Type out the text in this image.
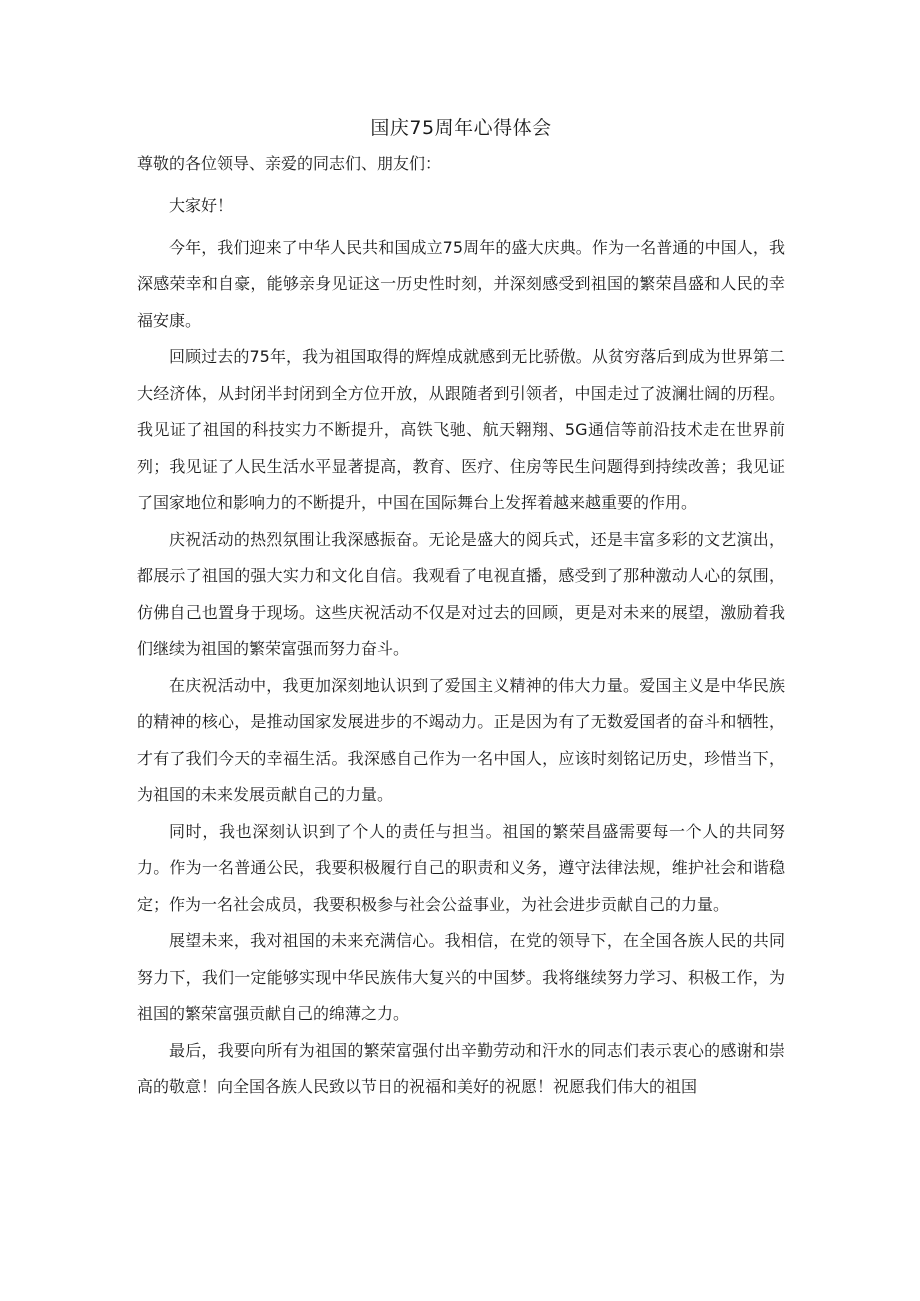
国庆75周年心得体会

尊敬的各位领导、亲爱的同志们、朋友们：

大家好！

今年，我们迎来了中华人民共和国成立75周年的盛大庆典。作为一名普通的中国人，我深感荣幸和自豪，能够亲身见证这一历史性时刻，并深刻感受到祖国的繁荣昌盛和人民的幸福安康。

回顾过去的75年，我为祖国取得的辉煌成就感到无比骄傲。从贫穷落后到成为世界第二大经济体，从封闭半封闭到全方位开放，从跟随者到引领者，中国走过了波澜壮阔的历程。我见证了祖国的科技实力不断提升，高铁飞驰、航天翱翔、5G通信等前沿技术走在世界前列；我见证了人民生活水平显著提高，教育、医疗、住房等民生问题得到持续改善；我见证了国家地位和影响力的不断提升，中国在国际舞台上发挥着越来越重要的作用。

庆祝活动的热烈氛围让我深感振奋。无论是盛大的阅兵式，还是丰富多彩的文艺演出，都展示了祖国的强大实力和文化自信。我观看了电视直播，感受到了那种激动人心的氛围，仿佛自己也置身于现场。这些庆祝活动不仅是对过去的回顾，更是对未来的展望，激励着我们继续为祖国的繁荣富强而努力奋斗。

在庆祝活动中，我更加深刻地认识到了爱国主义精神的伟大力量。爱国主义是中华民族的精神的核心，是推动国家发展进步的不竭动力。正是因为有了无数爱国者的奋斗和牺牲，才有了我们今天的幸福生活。我深感自己作为一名中国人，应该时刻铭记历史，珍惜当下，为祖国的未来发展贡献自己的力量。

同时，我也深刻认识到了个人的责任与担当。祖国的繁荣昌盛需要每一个人的共同努力。作为一名普通公民，我要积极履行自己的职责和义务，遵守法律法规，维护社会和谐稳定；作为一名社会成员，我要积极参与社会公益事业，为社会进步贡献自己的力量。

展望未来，我对祖国的未来充满信心。我相信，在党的领导下，在全国各族人民的共同努力下，我们一定能够实现中华民族伟大复兴的中国梦。我将继续努力学习、积极工作，为祖国的繁荣富强贡献自己的绵薄之力。

最后，我要向所有为祖国的繁荣富强付出辛勤劳动和汗水的同志们表示衷心的感谢和崇高的敬意！向全国各族人民致以节日的祝福和美好的祝愿！祝愿我们伟大的祖国
